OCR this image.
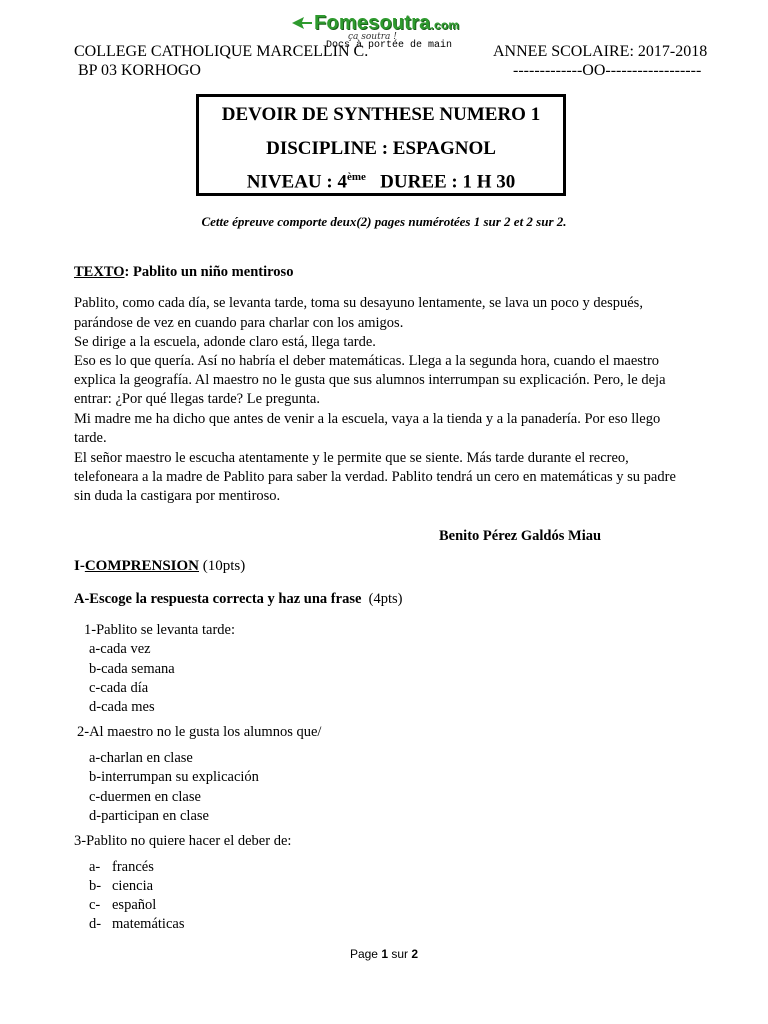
Fomesoutra.com
ça soutra !
COLLEGE CATHOLIQUE MARCELLIN C.
Docs à portée de main
BP 03 KORHOGO
ANNEE SCOLAIRE: 2017-2018
-------------OO------------------
DEVOIR DE SYNTHESE NUMERO 1
DISCIPLINE : ESPAGNOL
NIVEAU : 4ème DUREE : 1 H 30
Cette épreuve comporte deux(2) pages numérotées 1 sur 2 et 2 sur 2.
TEXTO: Pablito un niño mentiroso
Pablito, como cada día, se levanta tarde, toma su desayuno lentamente, se lava un poco y después,
parándose de vez en cuando para charlar con los amigos.
Se dirige a la escuela, adonde claro está, llega tarde.
Eso es lo que quería. Así no habría el deber matemáticas. Llega a la segunda hora, cuando el maestro
explica la geografía. Al maestro no le gusta que sus alumnos interrumpan su explicación. Pero, le deja
entrar: ¿Por qué llegas tarde? Le pregunta.
Mi madre me ha dicho que antes de venir a la escuela, vaya a la tienda y a la panadería. Por eso llego
tarde.
El señor maestro le escucha atentamente y le permite que se siente. Más tarde durante el recreo,
telefoneara a la madre de Pablito para saber la verdad. Pablito tendrá un cero en matemáticas y su padre
sin duda la castigara por mentiroso.
Benito Pérez Galdós Miau
I-COMPRENSION (10pts)
A-Escoge la respuesta correcta y haz una frase (4pts)
1-Pablito se levanta tarde:
a-cada vez
b-cada semana
c-cada día
d-cada mes
2-Al maestro no le gusta los alumnos que/
a-charlan en clase
b-interrumpan su explicación
c-duermen en clase
d-participan en clase
3-Pablito no quiere hacer el deber de:
a- francés
b- ciencia
c- español
d- matemáticas
Page 1 sur 2
